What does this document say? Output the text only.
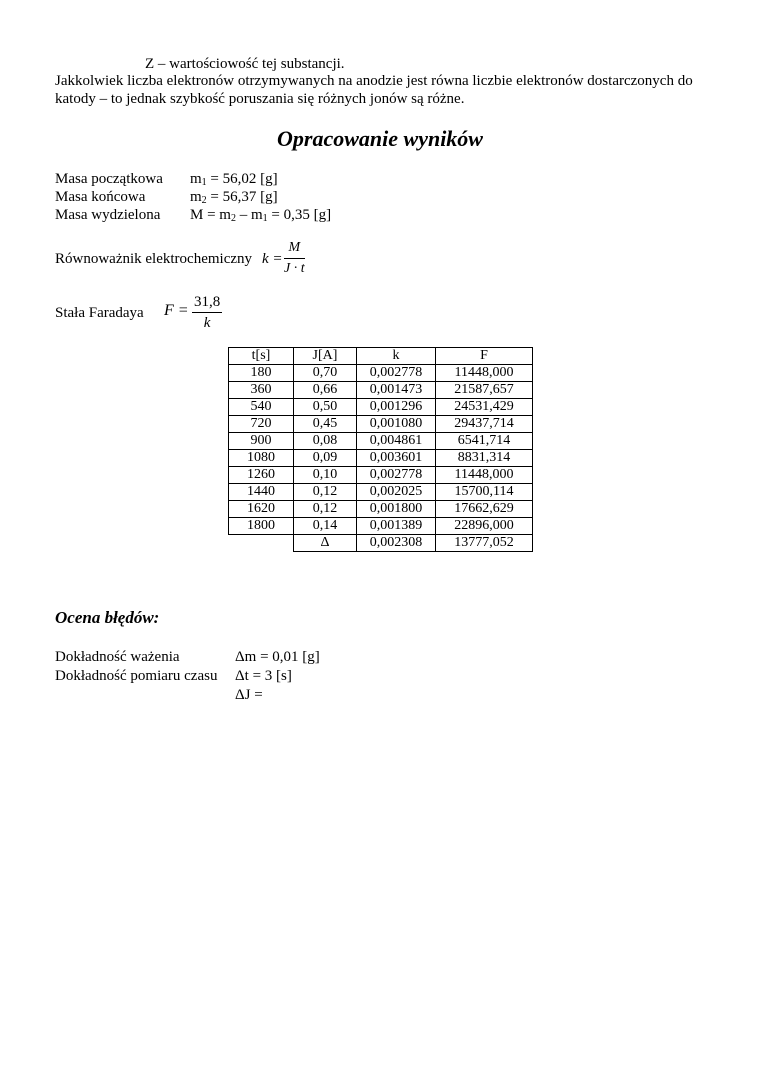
Z – wartościowość tej substancji.
Jakkolwiek liczba elektronów otrzymywanych na anodzie jest równa liczbie elektronów dostarczonych do katody – to jednak szybkość poruszania się różnych jonów są różne.
Opracowanie wyników
Masa początkowa $m_1 = 56,02$ [g]
Masa końcowa	$m_2 = 56,37$ [g]
Masa wydzielona $M = m_2 - m_1 = 0,35$ [g]
Równoważnik elektrochemiczny $k = \frac{M}{J \cdot t}$
Stała Faradaya $F = \frac{31,8}{k}$
t[s]	J[A]	k	F
180	0,70	0,002778	11448,000
360	0,66	0,001473	21587,657
540	0,50	0,001296	24531,429
720	0,45	0,001080	29437,714
900	0,08	0,004861	6541,714
1080	0,09	0,003601	8831,314
1260	0,10	0,002778	11448,000
1440	0,12	0,002025	15700,114
1620	0,12	0,001800	17662,629
1800	0,14	0,001389	22896,000
	Δ	0,002308	13777,052
Ocena błędów:
Dokładność ważenia	Δm = 0,01 [g]
Dokładność pomiaru czasu Δt = 3 [s]
ΔJ =
